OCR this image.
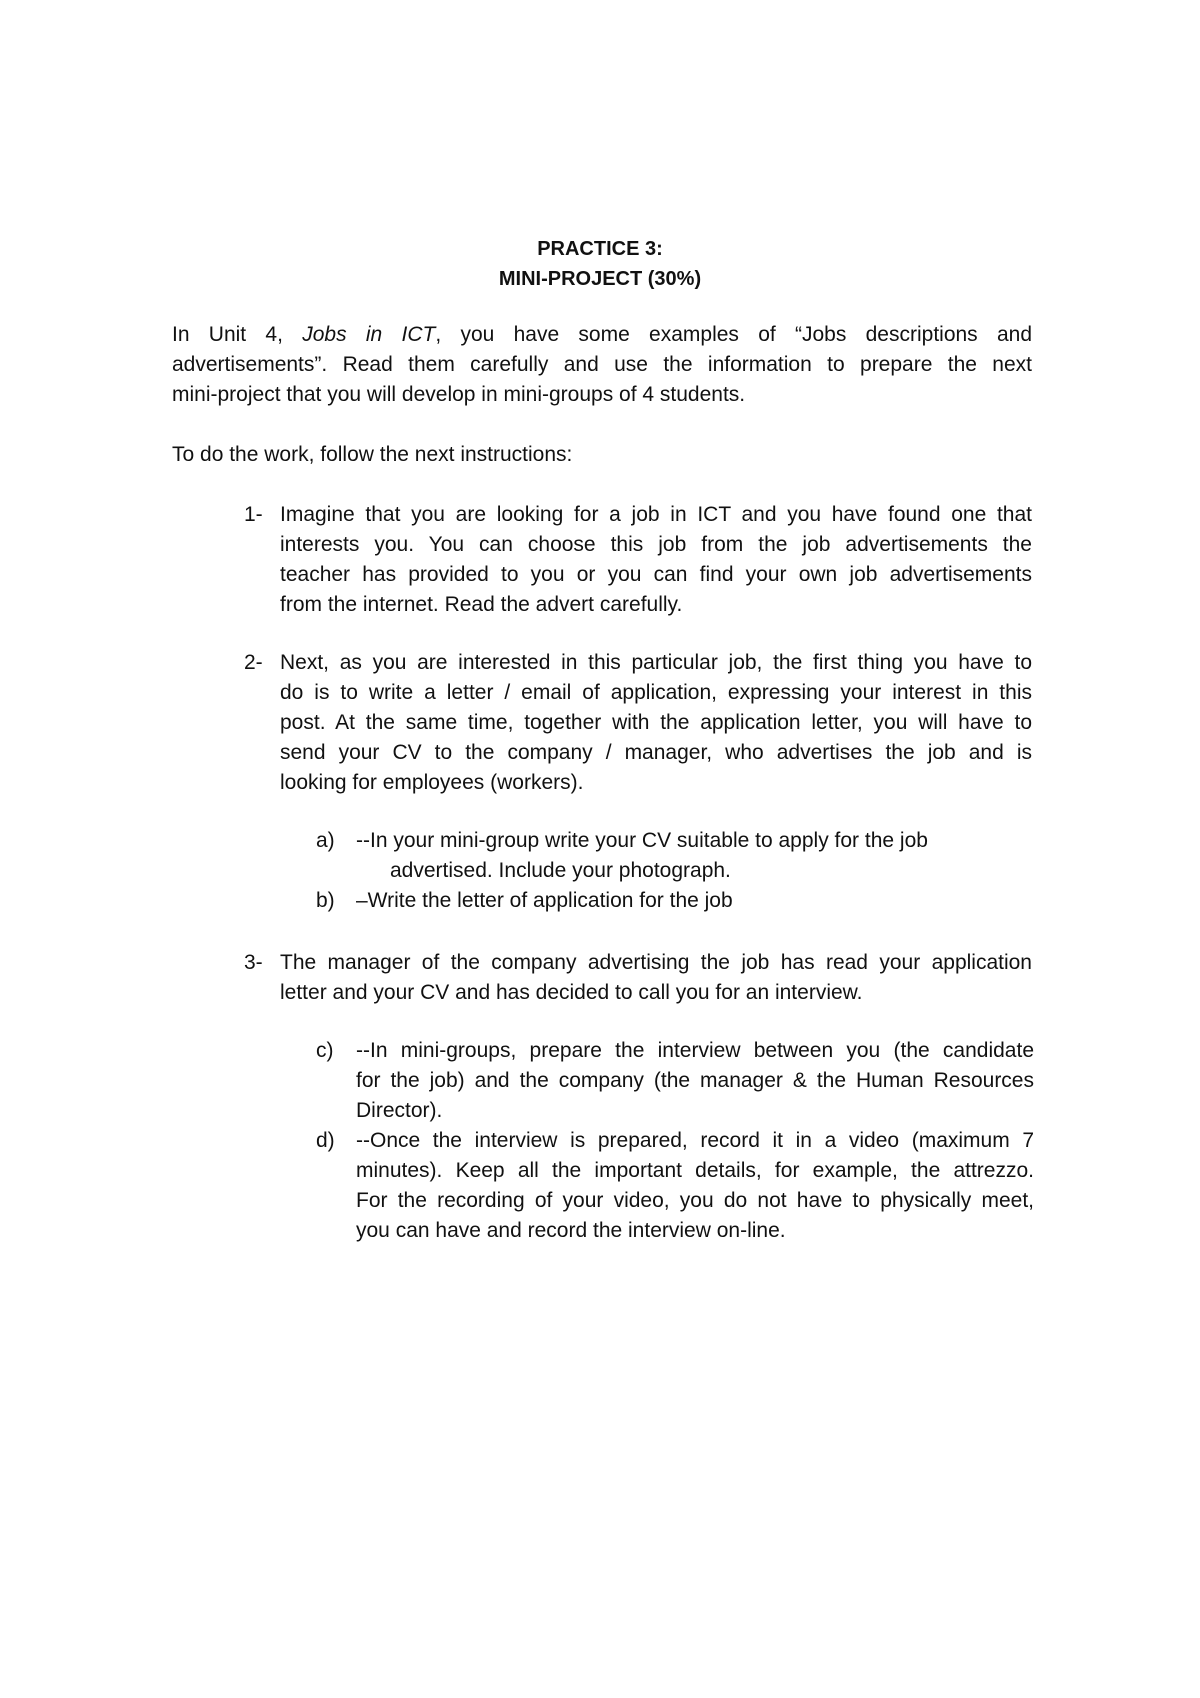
PRACTICE 3:
MINI-PROJECT (30%)
In Unit 4, Jobs in ICT, you have some examples of “Jobs descriptions and
advertisements”. Read them carefully and use the information to prepare the next
mini-project that you will develop in mini-groups of 4 students.
To do the work, follow the next instructions:
1- Imagine that you are looking for a job in ICT and you have found one that
interests you. You can choose this job from the job advertisements the
teacher has provided to you or you can find your own job advertisements
from the internet. Read the advert carefully.
2- Next, as you are interested in this particular job, the first thing you have to
do is to write a letter / email of application, expressing your interest in this
post. At the same time, together with the application letter, you will have to
send your CV to the company / manager, who advertises the job and is
looking for employees (workers).
a) --In your mini-group write your CV suitable to apply for the job
advertised. Include your photograph.
b) –Write the letter of application for the job
3- The manager of the company advertising the job has read your application
letter and your CV and has decided to call you for an interview.
c) --In mini-groups, prepare the interview between you (the candidate
for the job) and the company (the manager & the Human Resources
Director).
d) --Once the interview is prepared, record it in a video (maximum 7
minutes). Keep all the important details, for example, the attrezzo.
For the recording of your video, you do not have to physically meet,
you can have and record the interview on-line.
